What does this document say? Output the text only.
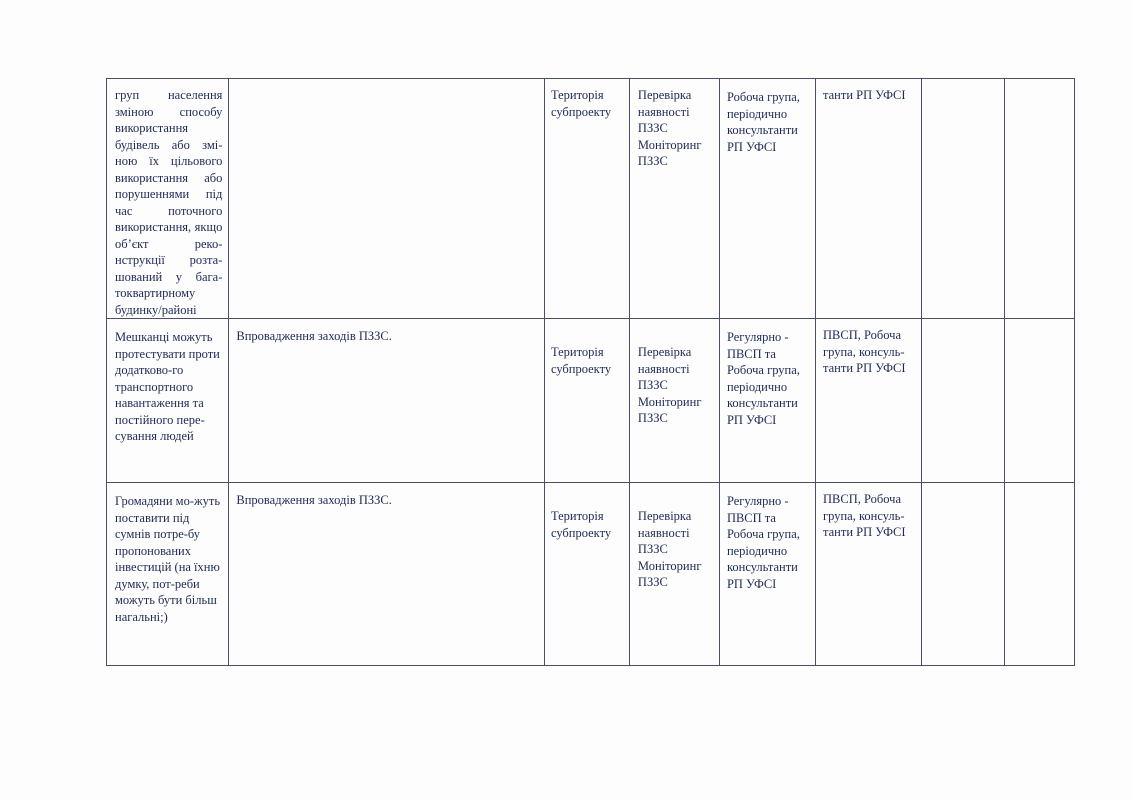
груп населення зміною способу використання будівель або змі-ною їх цільового використання або порушеннями під час поточного використання, якщо об’єкт реко-нструкції розта-шований у бага-токвартирному будинку/районі		Територія субпроекту	Перевірка наявності ПЗЗС Моніторинг ПЗЗС	Робоча група, періодично консультанти РП УФСІ	танти РП УФСІ		
Мешканці можуть протестувати проти додатково-го транспортного навантаження та постійного пере-сування людей	Впровадження заходів ПЗЗС.	Територія субпроекту	Перевірка наявності ПЗЗС Моніторинг ПЗЗС	Регулярно - ПВСП та Робоча група, періодично консультанти РП УФСІ	ПВСП, Робоча група, консуль-танти РП УФСІ		
Громадяни мо-жуть поставити під сумнів потре-бу пропонованих інвестицій (на їхню думку, пот-реби можуть бути більш нагальні;)	Впровадження заходів ПЗЗС.	Територія субпроекту	Перевірка наявності ПЗЗС Моніторинг ПЗЗС	Регулярно - ПВСП та Робоча група, періодично консультанти РП УФСІ	ПВСП, Робоча група, консуль-танти РП УФСІ		
